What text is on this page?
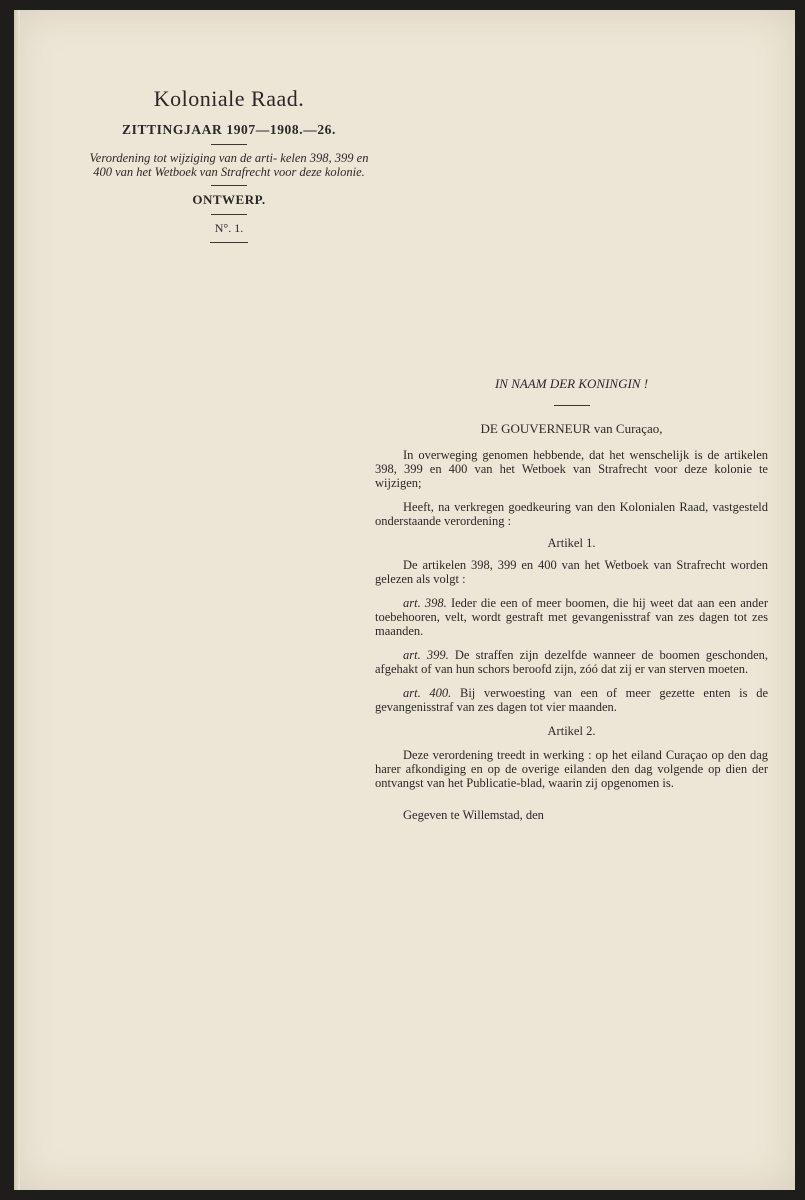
Koloniale Raad.
ZITTINGJAAR 1907—1908.—26.
Verordening tot wijziging van de arti- kelen 398, 399 en 400 van het Wetboek van Strafrecht voor deze kolonie.
ONTWERP.
N°. 1.
IN NAAM DER KONINGIN !
DE GOUVERNEUR van Curaçao,

In overweging genomen hebbende, dat het wenschelijk is de artikelen 398, 399 en 400 van het Wetboek van Strafrecht voor deze kolonie te wijzigen;

Heeft, na verkregen goedkeuring van den Kolonialen Raad, vastgesteld onderstaande verordening :

Artikel 1.

De artikelen 398, 399 en 400 van het Wetboek van Strafrecht worden gelezen als volgt :

art. 398. Ieder die een of meer boomen, die hij weet dat aan een ander toebehooren, velt, wordt gestraft met gevangenisstraf van zes dagen tot zes maanden.

art. 399. De straffen zijn dezelfde wanneer de boomen geschonden, afgehakt of van hun schors beroofd zijn, zóó dat zij er van sterven moeten.

art. 400. Bij verwoesting van een of meer gezette enten is de gevangenisstraf van zes dagen tot vier maanden.

Artikel 2.

Deze verordening treedt in werking : op het eiland Curaçao op den dag harer afkondiging en op de overige eilanden den dag volgende op dien der ontvangst van het Publicatie-blad, waarin zij opgenomen is.

Gegeven te Willemstad, den
